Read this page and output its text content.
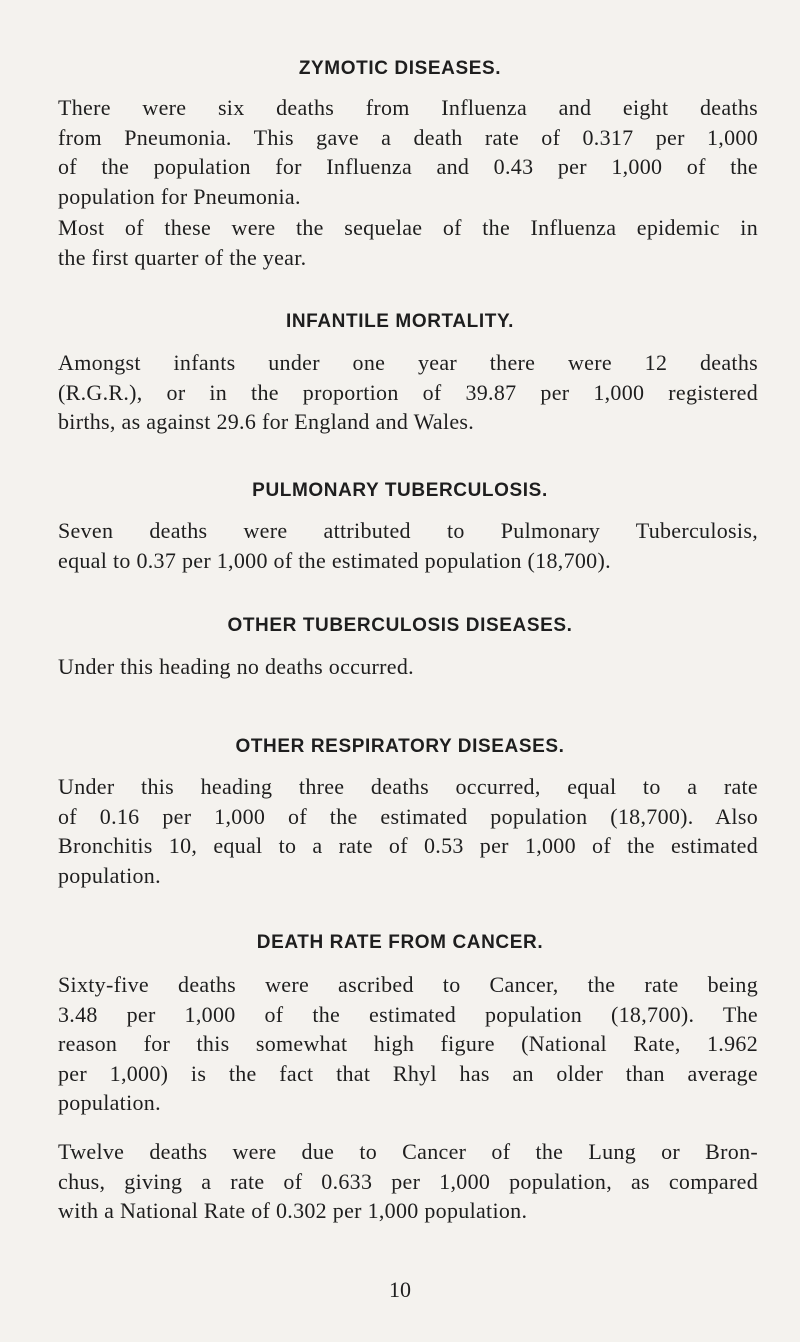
ZYMOTIC DISEASES.

There were six deaths from Influenza and eight deaths
from Pneumonia. This gave a death rate of 0.317 per 1,000
of the population for Influenza and 0.43 per 1,000 of the
population for Pneumonia.

Most of these were the sequelae of the Influenza epidemic in
the first quarter of the year.

INFANTILE MORTALITY.

Amongst infants under one year there were 12 deaths
(R.G.R.), or in the proportion of 39.87 per 1,000 registered
births, as against 29.6 for England and Wales.

PULMONARY TUBERCULOSIS.

Seven deaths were attributed to Pulmonary Tuberculosis,
equal to 0.37 per 1,000 of the estimated population (18,700).

OTHER TUBERCULOSIS DISEASES.

Under this heading no deaths occurred.

OTHER RESPIRATORY DISEASES.

Under this heading three deaths occurred, equal to a rate
of 0.16 per 1,000 of the estimated population (18,700). Also
Bronchitis 10, equal to a rate of 0.53 per 1,000 of the estimated
population.

DEATH RATE FROM CANCER.

Sixty-five deaths were ascribed to Cancer, the rate being
3.48 per 1,000 of the estimated population (18,700). The
reason for this somewhat high figure (National Rate, 1.962
per 1,000) is the fact that Rhyl has an older than average
population.

Twelve deaths were due to Cancer of the Lung or Bron-
chus, giving a rate of 0.633 per 1,000 population, as compared
with a National Rate of 0.302 per 1,000 population.

10
